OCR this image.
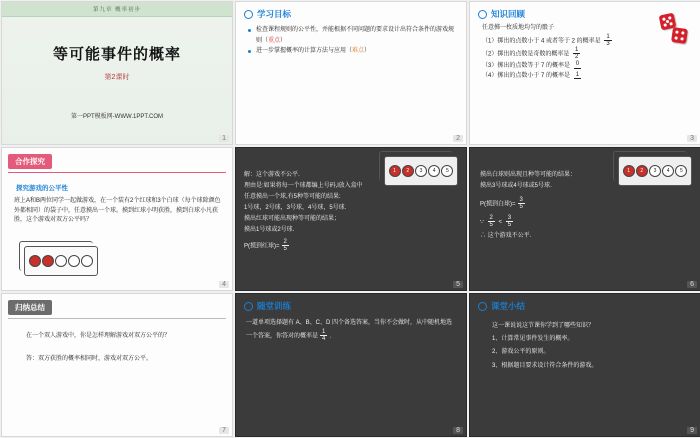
第九章 概率初步
等可能事件的概率
第2课时
第一PPT模板网-WWW.1PPT.COM
1
学习目标
检查课程规则的公平性，并能根据不同问题的要求设计出符合条件的游戏规则（重点）
进一步掌握概率的计算方法与应用（难点）
2
知识回顾
任意掷一枚质地均匀的骰子
（1）掷出的点数小于 4 或者等于 2 的概率是 $\frac{1}{3}$
（2）掷出的点数是奇数的概率是 $\frac{1}{2}$
（3）掷出的点数等于 7 的概率是 0
（4）掷出的点数小于 7 的概率是 1
3
合作探究
探究游戏的公平性
班上A和B两位同学一起做游戏，在一个装有2个红球和3个白球（每个球除颜色外都相同）的袋子中，任意摸出一个球。摸到红球小明获胜，摸到白球小凡获胜，这个游戏对双方公平吗？
4
1	2	3	4	5
解：这个游戏不公平．
理由是:如果将每一个球都编上号码,l放入盒中
任意摸出一个球,有5种等可能的结果:
1号球，2号球，3号球，4号球，5号球．
摸出红球可能出现种等可能的结果；
摸出1号球或2号球．
P(摸到红球)= $\frac{2}{5}$
5
1	2	3	4	5
摸出白球则出现且种等可能的结果：
摸出3号球或4号球或5号球．
P(摸到白球)= $\frac{3}{5}$
∵ $\frac{2}{5} < \frac{3}{5}$
∴ 这个游戏不公平.
6
归纳总结
在一个双人游戏中，你是怎样理解游戏对双方公平的？
答：双方获胜的概率相同时，游戏对双方公平。
7
随堂训练
一道单项选择题有 A、B、C、D 四个备选答案，当你不会做时，从中随机地选一个答案，你答对的概率是 $\frac{1}{4}$ ．
8
课堂小结
这一课说说这节课你学到了哪些知识？
1、计算常见事件发生的概率。
2、游戏公平的原则。
3、根据题目要求设计符合条件的游戏。
9
